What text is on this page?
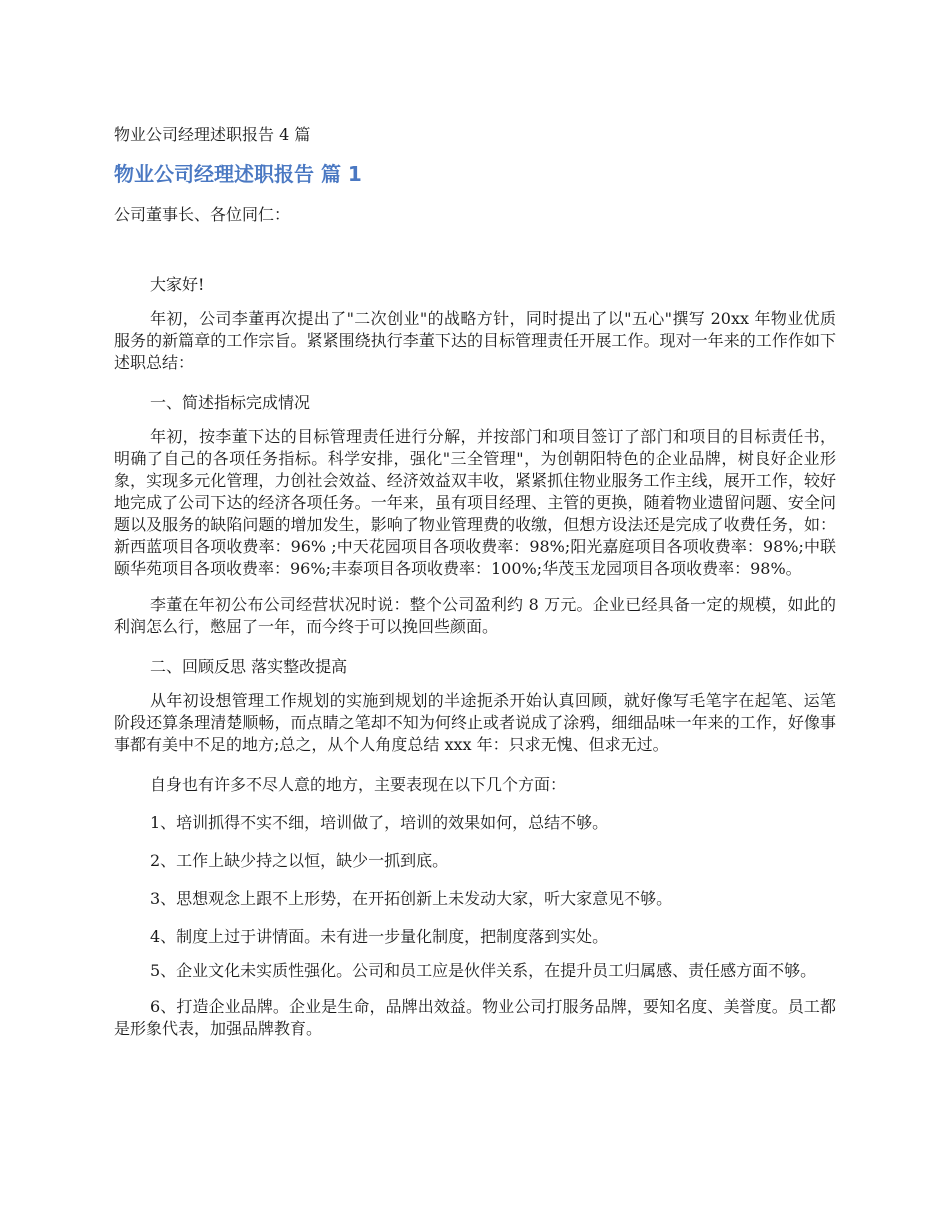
物业公司经理述职报告 4 篇

物业公司经理述职报告 篇 1

公司董事长、各位同仁：

大家好!

年初，公司李董再次提出了"二次创业"的战略方针，同时提出了以"五心"撰写 20xx 年物业优质服务的新篇章的工作宗旨。紧紧围绕执行李董下达的目标管理责任开展工作。现对一年来的工作作如下述职总结：

一、简述指标完成情况

年初，按李董下达的目标管理责任进行分解，并按部门和项目签订了部门和项目的目标责任书，明确了自己的各项任务指标。科学安排，强化"三全管理"，为创朝阳特色的企业品牌，树良好企业形象，实现多元化管理，力创社会效益、经济效益双丰收，紧紧抓住物业服务工作主线，展开工作，较好地完成了公司下达的经济各项任务。一年来，虽有项目经理、主管的更换，随着物业遗留问题、安全问题以及服务的缺陷问题的增加发生，影响了物业管理费的收缴，但想方设法还是完成了收费任务，如：新西蓝项目各项收费率：96% ;中天花园项目各项收费率：98%;阳光嘉庭项目各项收费率：98%;中联颐华苑项目各项收费率：96%;丰泰项目各项收费率：100%;华茂玉龙园项目各项收费率：98%。

李董在年初公布公司经营状况时说：整个公司盈利约 8 万元。企业已经具备一定的规模，如此的利润怎么行，憋屈了一年，而今终于可以挽回些颜面。

二、回顾反思 落实整改提高

从年初设想管理工作规划的实施到规划的半途扼杀开始认真回顾，就好像写毛笔字在起笔、运笔阶段还算条理清楚顺畅，而点睛之笔却不知为何终止或者说成了涂鸦，细细品味一年来的工作，好像事事都有美中不足的地方;总之，从个人角度总结 xxx 年：只求无愧、但求无过。

自身也有许多不尽人意的地方，主要表现在以下几个方面：

1、培训抓得不实不细，培训做了，培训的效果如何，总结不够。

2、工作上缺少持之以恒，缺少一抓到底。

3、思想观念上跟不上形势，在开拓创新上未发动大家，听大家意见不够。

4、制度上过于讲情面。未有进一步量化制度，把制度落到实处。

5、企业文化未实质性强化。公司和员工应是伙伴关系，在提升员工归属感、责任感方面不够。

6、打造企业品牌。企业是生命，品牌出效益。物业公司打服务品牌，要知名度、美誉度。员工都是形象代表，加强品牌教育。
